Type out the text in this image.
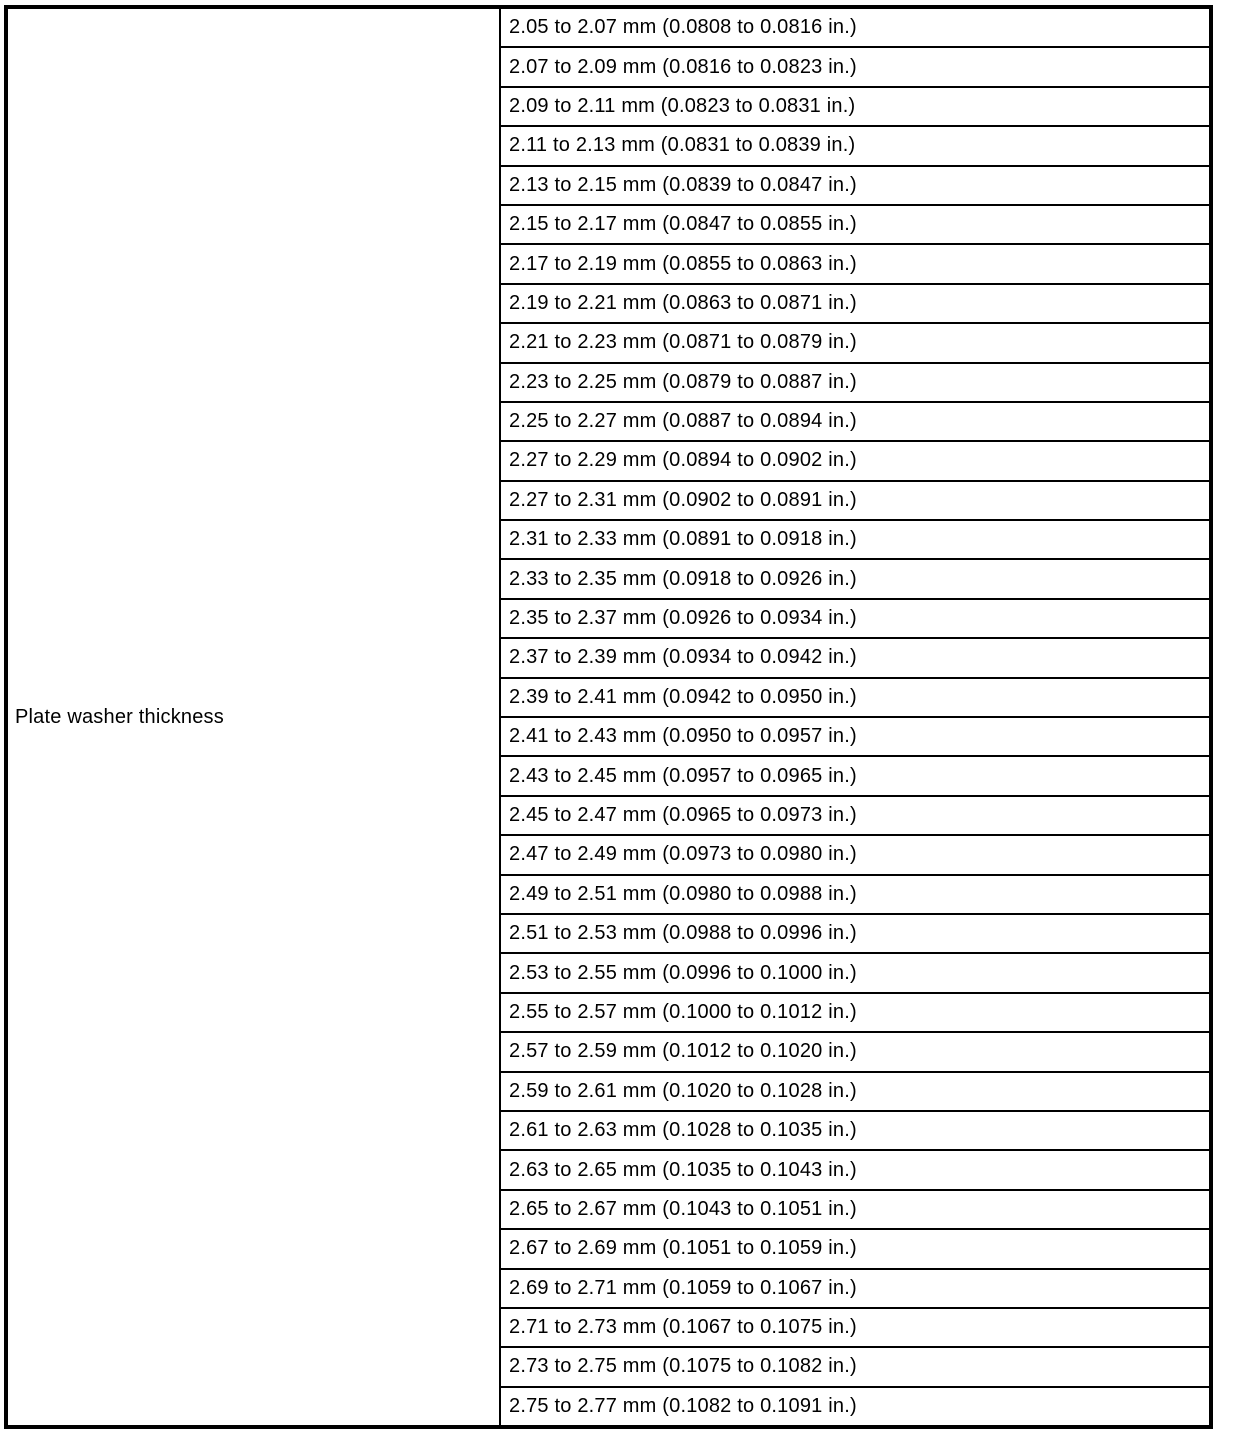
Plate washer thickness
2.05 to 2.07 mm (0.0808 to 0.0816 in.)
2.07 to 2.09 mm (0.0816 to 0.0823 in.)
2.09 to 2.11 mm (0.0823 to 0.0831 in.)
2.11 to 2.13 mm (0.0831 to 0.0839 in.)
2.13 to 2.15 mm (0.0839 to 0.0847 in.)
2.15 to 2.17 mm (0.0847 to 0.0855 in.)
2.17 to 2.19 mm (0.0855 to 0.0863 in.)
2.19 to 2.21 mm (0.0863 to 0.0871 in.)
2.21 to 2.23 mm (0.0871 to 0.0879 in.)
2.23 to 2.25 mm (0.0879 to 0.0887 in.)
2.25 to 2.27 mm (0.0887 to 0.0894 in.)
2.27 to 2.29 mm (0.0894 to 0.0902 in.)
2.27 to 2.31 mm (0.0902 to 0.0891 in.)
2.31 to 2.33 mm (0.0891 to 0.0918 in.)
2.33 to 2.35 mm (0.0918 to 0.0926 in.)
2.35 to 2.37 mm (0.0926 to 0.0934 in.)
2.37 to 2.39 mm (0.0934 to 0.0942 in.)
2.39 to 2.41 mm (0.0942 to 0.0950 in.)
2.41 to 2.43 mm (0.0950 to 0.0957 in.)
2.43 to 2.45 mm (0.0957 to 0.0965 in.)
2.45 to 2.47 mm (0.0965 to 0.0973 in.)
2.47 to 2.49 mm (0.0973 to 0.0980 in.)
2.49 to 2.51 mm (0.0980 to 0.0988 in.)
2.51 to 2.53 mm (0.0988 to 0.0996 in.)
2.53 to 2.55 mm (0.0996 to 0.1000 in.)
2.55 to 2.57 mm (0.1000 to 0.1012 in.)
2.57 to 2.59 mm (0.1012 to 0.1020 in.)
2.59 to 2.61 mm (0.1020 to 0.1028 in.)
2.61 to 2.63 mm (0.1028 to 0.1035 in.)
2.63 to 2.65 mm (0.1035 to 0.1043 in.)
2.65 to 2.67 mm (0.1043 to 0.1051 in.)
2.67 to 2.69 mm (0.1051 to 0.1059 in.)
2.69 to 2.71 mm (0.1059 to 0.1067 in.)
2.71 to 2.73 mm (0.1067 to 0.1075 in.)
2.73 to 2.75 mm (0.1075 to 0.1082 in.)
2.75 to 2.77 mm (0.1082 to 0.1091 in.)
